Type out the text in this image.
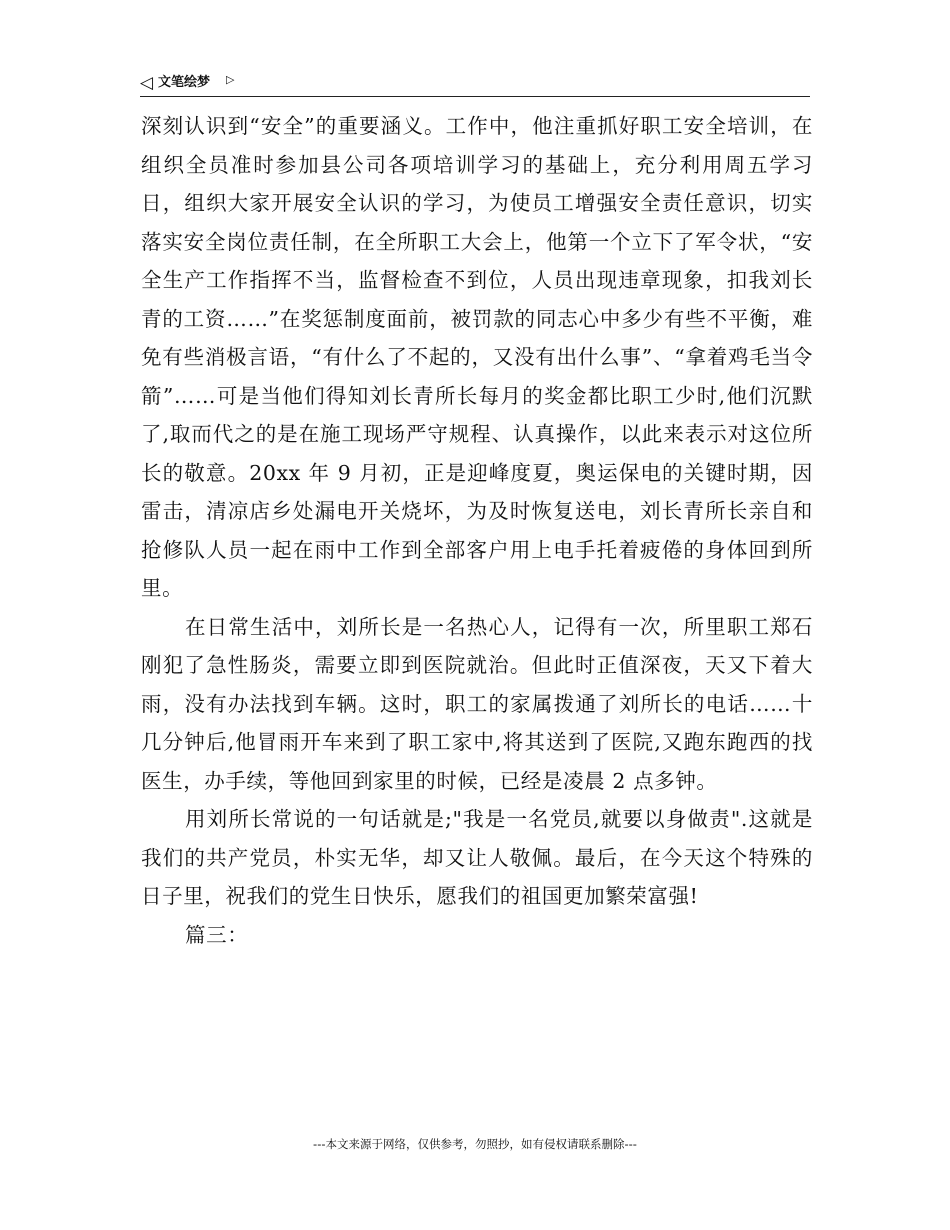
◁ 文笔绘梦 ▷

深刻认识到“安全”的重要涵义。工作中，他注重抓好职工安全培训，在组织全员准时参加县公司各项培训学习的基础上，充分利用周五学习日，组织大家开展安全认识的学习，为使员工增强安全责任意识，切实落实安全岗位责任制，在全所职工大会上，他第一个立下了军令状，“安全生产工作指挥不当，监督检查不到位，人员出现违章现象，扣我刘长青的工资……”在奖惩制度面前，被罚款的同志心中多少有些不平衡，难免有些消极言语，“有什么了不起的，又没有出什么事”、“拿着鸡毛当令箭”……可是当他们得知刘长青所长每月的奖金都比职工少时,他们沉默了,取而代之的是在施工现场严守规程、认真操作，以此来表示对这位所长的敬意。20xx 年 9 月初，正是迎峰度夏，奥运保电的关键时期，因雷击，清凉店乡处漏电开关烧坏，为及时恢复送电，刘长青所长亲自和抢修队人员一起在雨中工作到全部客户用上电手托着疲倦的身体回到所里。

在日常生活中，刘所长是一名热心人，记得有一次，所里职工郑石刚犯了急性肠炎，需要立即到医院就治。但此时正值深夜，天又下着大雨，没有办法找到车辆。这时，职工的家属拨通了刘所长的电话……十几分钟后,他冒雨开车来到了职工家中,将其送到了医院,又跑东跑西的找医生，办手续，等他回到家里的时候，已经是凌晨 2 点多钟。

用刘所长常说的一句话就是;"我是一名党员,就要以身做责".这就是我们的共产党员，朴实无华，却又让人敬佩。最后，在今天这个特殊的日子里，祝我们的党生日快乐，愿我们的祖国更加繁荣富强!

篇三：

---本文来源于网络，仅供参考，勿照抄，如有侵权请联系删除---
